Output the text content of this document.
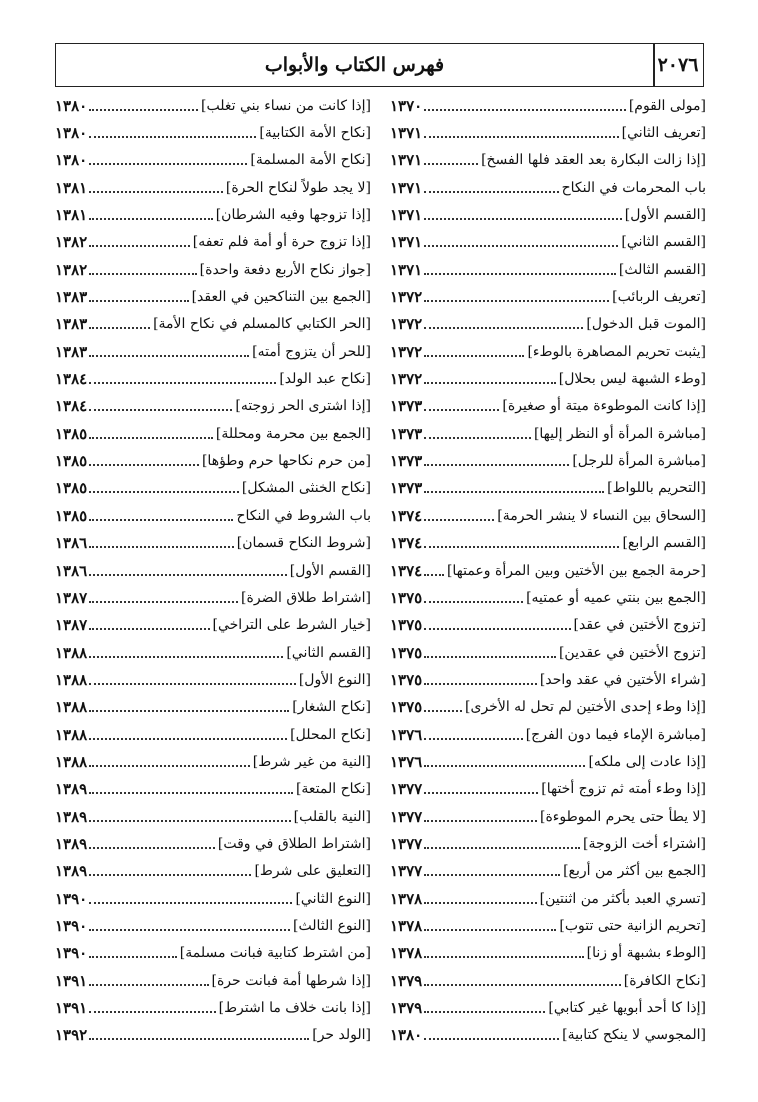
٢٠٧٦
فهرس الكتاب والأبواب
[مولى القوم]
١٣٧٠
[تعريف الثاني]
١٣٧١
[إذا زالت البكارة بعد العقد فلها الفسخ]
١٣٧١
باب المحرمات في النكاح
١٣٧١
[القسم الأول]
١٣٧١
[القسم الثاني]
١٣٧١
[القسم الثالث]
١٣٧١
[تعريف الربائب]
١٣٧٢
[الموت قبل الدخول]
١٣٧٢
[يثبت تحريم المصاهرة بالوطء]
١٣٧٢
[وطء الشبهة ليس بحلال]
١٣٧٢
[إذا كانت الموطوءة ميتة أو صغيرة]
١٣٧٣
[مباشرة المرأة أو النظر إليها]
١٣٧٣
[مباشرة المرأة للرجل]
١٣٧٣
[التحريم باللواط]
١٣٧٣
[السحاق بين النساء لا ينشر الحرمة]
١٣٧٤
[القسم الرابع]
١٣٧٤
[حرمة الجمع بين الأختين وبين المرأة وعمتها]
١٣٧٤
[الجمع بين بنتي عميه أو عمتيه]
١٣٧٥
[تزوج الأختين في عقد]
١٣٧٥
[تزوج الأختين في عقدين]
١٣٧٥
[شراء الأختين في عقد واحد]
١٣٧٥
[إذا وطء إحدى الأختين لم تحل له الأخرى]
١٣٧٥
[مباشرة الإماء فيما دون الفرج]
١٣٧٦
[إذا عادت إلى ملكه]
١٣٧٦
[إذا وطء أمته ثم تزوج أختها]
١٣٧٧
[لا يطأ حتى يحرم الموطوءة]
١٣٧٧
[اشتراء أخت الزوجة]
١٣٧٧
[الجمع بين أكثر من أربع]
١٣٧٧
[تسري العبد بأكثر من اثنتين]
١٣٧٨
[تحريم الزانية حتى تتوب]
١٣٧٨
[الوطء بشبهة أو زنا]
١٣٧٨
[نكاح الكافرة]
١٣٧٩
[إذا كا أحد أبويها غير كتابي]
١٣٧٩
[المجوسي لا ينكح كتابية]
١٣٨٠
[إذا كانت من نساء بني تغلب]
١٣٨٠
[نكاح الأمة الكتابية]
١٣٨٠
[نكاح الأمة المسلمة]
١٣٨٠
[لا يجد طولاً لنكاح الحرة]
١٣٨١
[إذا تزوجها وفيه الشرطان]
١٣٨١
[إذا تزوج حرة أو أمة فلم تعفه]
١٣٨٢
[جواز نكاح الأربع دفعة واحدة]
١٣٨٢
[الجمع بين التناكحين في العقد]
١٣٨٣
[الحر الكتابي كالمسلم في نكاح الأمة]
١٣٨٣
[للحر أن يتزوج أمته]
١٣٨٣
[نكاح عبد الولد]
١٣٨٤
[إذا اشترى الحر زوجته]
١٣٨٤
[الجمع بين محرمة ومحللة]
١٣٨٥
[من حرم نكاحها حرم وطؤها]
١٣٨٥
[نكاح الخنثى المشكل]
١٣٨٥
باب الشروط في النكاح
١٣٨٥
[شروط النكاح قسمان]
١٣٨٦
[القسم الأول]
١٣٨٦
[اشتراط طلاق الضرة]
١٣٨٧
[خيار الشرط على التراخي]
١٣٨٧
[القسم الثاني]
١٣٨٨
[النوع الأول]
١٣٨٨
[نكاح الشغار]
١٣٨٨
[نكاح المحلل]
١٣٨٨
[النية من غير شرط]
١٣٨٨
[نكاح المتعة]
١٣٨٩
[النية بالقلب]
١٣٨٩
[اشتراط الطلاق في وقت]
١٣٨٩
[التعليق على شرط]
١٣٨٩
[النوع الثاني]
١٣٩٠
[النوع الثالث]
١٣٩٠
[من اشترط كتابية فبانت مسلمة]
١٣٩٠
[إذا شرطها أمة فبانت حرة]
١٣٩١
[إذا بانت خلاف ما اشترط]
١٣٩١
[الولد حر]
١٣٩٢
